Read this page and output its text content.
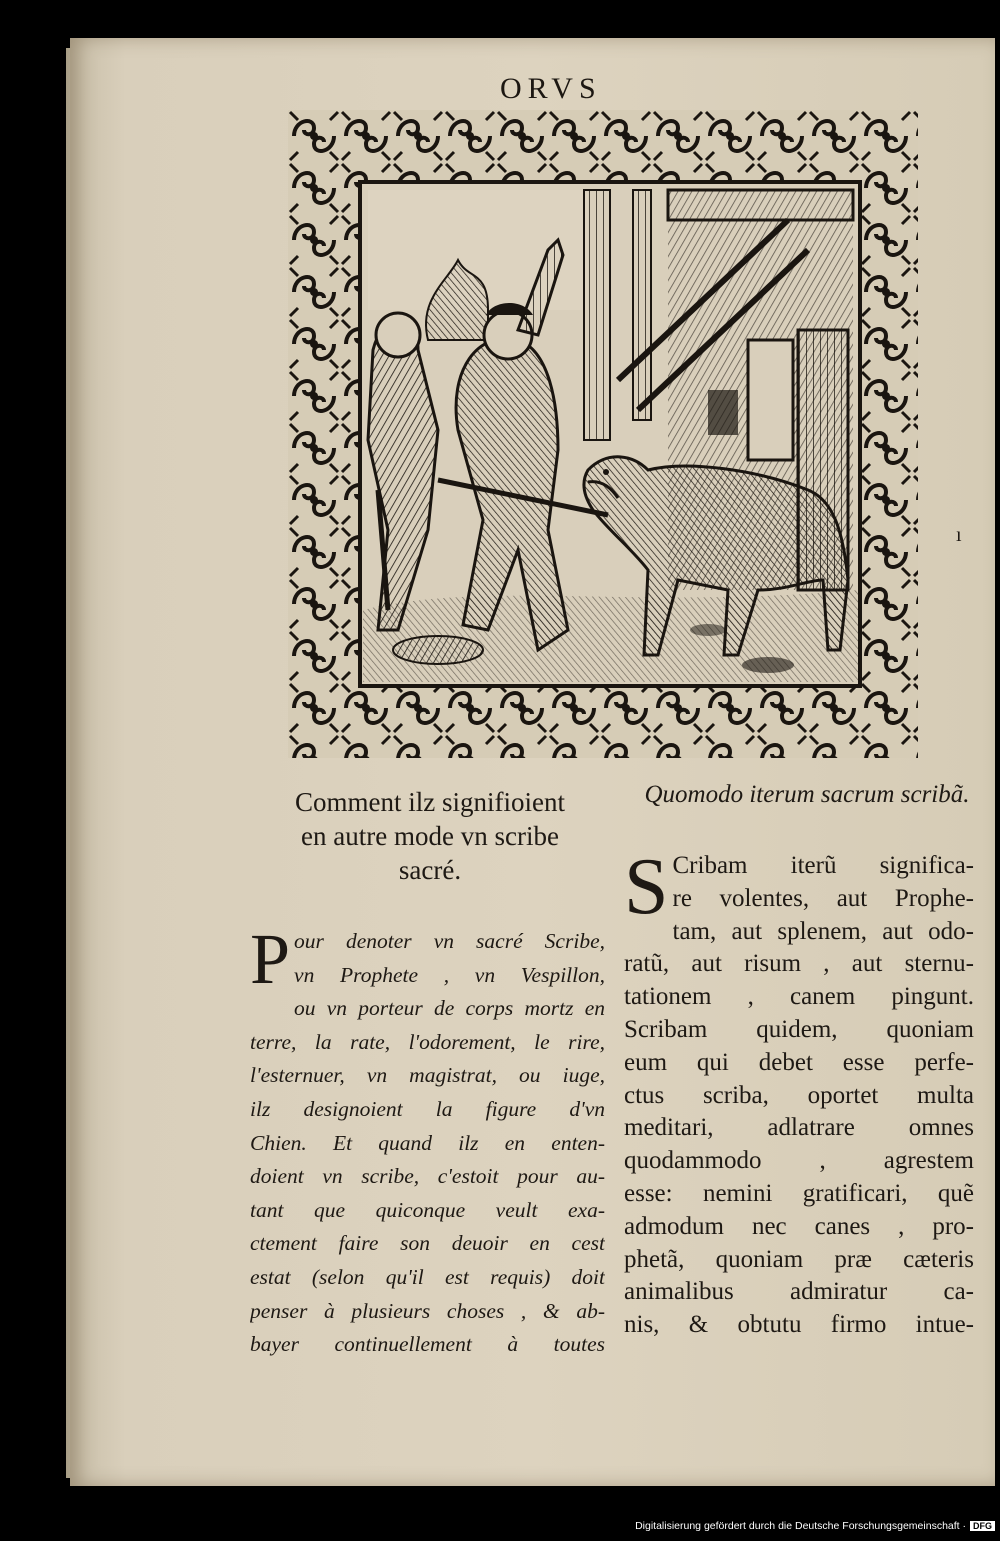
ORVS
ı
Comment ilz signifioient
en autre mode vn scribe
sacré.
P our denoter vn sacré Scribe,
vn Prophete , vn Vespillon,
ou vn porteur de corps mortz en
terre, la rate, l'odorement, le rire,
l'esternuer, vn magistrat, ou iuge,
ilz designoient la figure d'vn
Chien. Et quand ilz en enten-
doient vn scribe, c'estoit pour au-
tant que quiconque veult exa-
ctement faire son deuoir en cest
estat (selon qu'il est requis) doit
penser à plusieurs choses , & ab-
bayer continuellement à toutes
Quomodo iterum sacrum scribã.
S Cribam iterũ significa-
re volentes, aut Prophe-
tam, aut splenem, aut odo-
ratũ, aut risum , aut sternu-
tationem , canem pingunt.
Scribam quidem, quoniam
eum qui debet esse perfe-
ctus scriba, oportet multa
meditari, adlatrare omnes
quodammodo , agrestem
esse: nemini gratificari, quẽ
admodum nec canes , pro-
phetã, quoniam præ cæteris
animalibus admiratur ca-
nis, & obtutu firmo intue-
Digitalisierung gefördert durch die Deutsche Forschungsgemeinschaft · DFG
